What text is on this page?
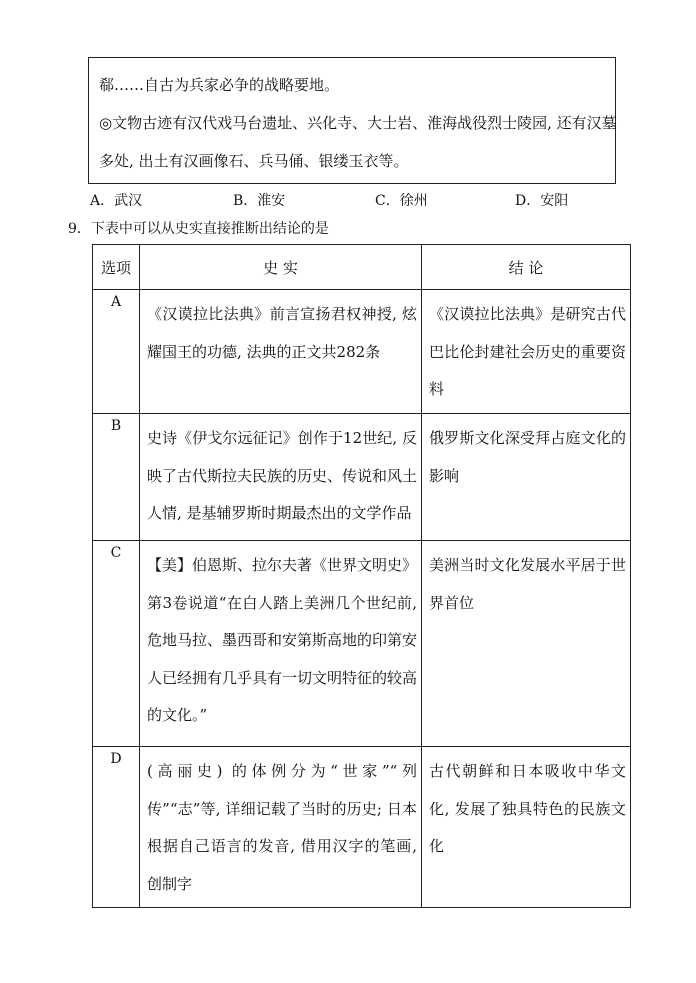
郗……自古为兵家必争的战略要地。

◎文物古迹有汉代戏马台遗址、兴化寺、大士岩、淮海战役烈士陵园, 还有汉墓

多处, 出土有汉画像石、兵马俑、银缕玉衣等。

A．武汉	B．淮安	C．徐州	D．安阳
9．下表中可以从史实直接推断出结论的是
选项	史 实	结 论
A	《汉谟拉比法典》前言宣扬君权神授, 炫耀国王的功德, 法典的正文共282条	《汉谟拉比法典》是研究古代巴比伦封建社会历史的重要资料
B	史诗《伊戈尔远征记》创作于12世纪, 反映了古代斯拉夫民族的历史、传说和风土人情, 是基辅罗斯时期最杰出的文学作品	俄罗斯文化深受拜占庭文化的影响
C	【美】伯恩斯、拉尔夫著《世界文明史》第3卷说道“在白人踏上美洲几个世纪前, 危地马拉、墨西哥和安第斯高地的印第安人已经拥有几乎具有一切文明特征的较高的文化。”	美洲当时文化发展水平居于世界首位
D	(高丽史) 的体例分为“世家”“列传”“志”等, 详细记载了当时的历史; 日本根据自己语言的发音, 借用汉字的笔画, 创制字	古代朝鲜和日本吸收中华文化, 发展了独具特色的民族文化
